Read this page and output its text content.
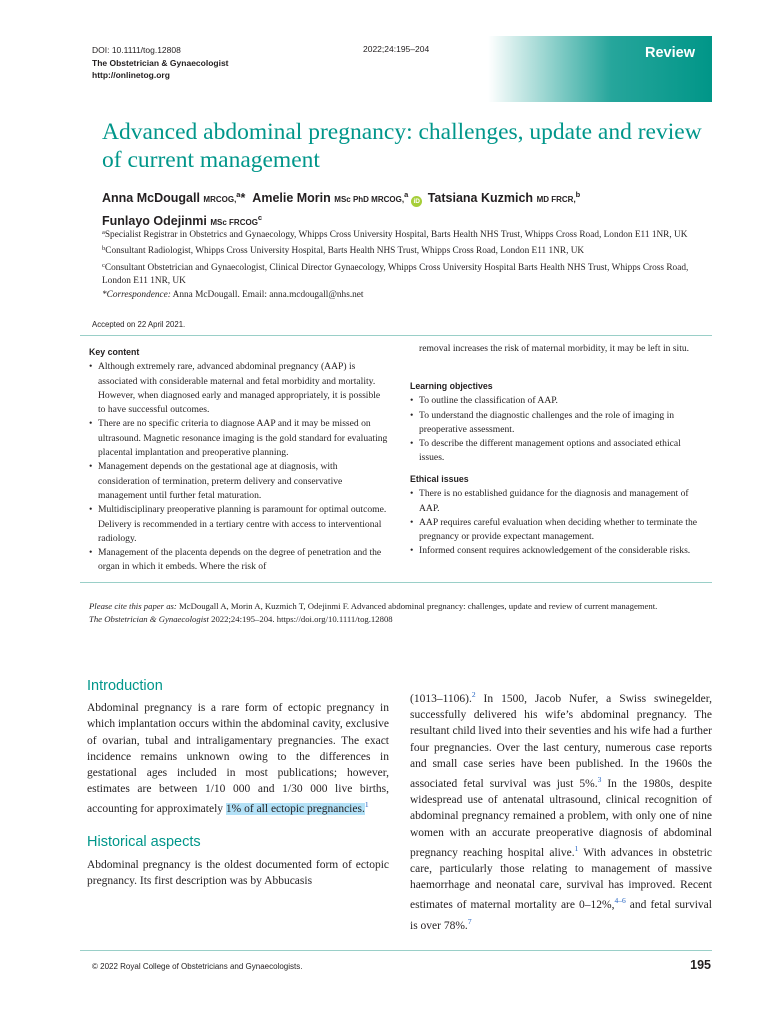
DOI: 10.1111/tog.12808
The Obstetrician & Gynaecologist
http://onlinetog.org
2022;24:195–204	Review
Advanced abdominal pregnancy: challenges, update and review of current management
Anna McDougall MRCOG,$^a$* Amelie Morin MSc PhD MRCOG,$^a$iD Tatsiana Kuzmich MD FRCR,$^b$
Funlayo Odejinmi MSc FRCOG$^c$

$^a$Specialist Registrar in Obstetrics and Gynaecology, Whipps Cross University Hospital, Barts Health NHS Trust, Whipps Cross Road, London E11 1NR, UK

$^b$Consultant Radiologist, Whipps Cross University Hospital, Barts Health NHS Trust, Whipps Cross Road, London E11 1NR, UK

$^c$Consultant Obstetrician and Gynaecologist, Clinical Director Gynaecology, Whipps Cross University Hospital Barts Health NHS Trust, Whipps Cross Road, London E11 1NR, UK

*Correspondence: Anna McDougall. Email: anna.mcdougall@nhs.net

Accepted on 22 April 2021.
Key content
• Although extremely rare, advanced abdominal pregnancy (AAP) is associated with considerable maternal and fetal morbidity and mortality. However, when diagnosed early and managed appropriately, it is possible to have successful outcomes.
• There are no specific criteria to diagnose AAP and it may be missed on ultrasound. Magnetic resonance imaging is the gold standard for evaluating placental implantation and preoperative planning.
• Management depends on the gestational age at diagnosis, with consideration of termination, preterm delivery and conservative management until further fetal maturation.
• Multidisciplinary preoperative planning is paramount for optimal outcome. Delivery is recommended in a tertiary centre with access to interventional radiology.
• Management of the placenta depends on the degree of penetration and the organ in which it embeds. Where the risk of
removal increases the risk of maternal morbidity, it may be left in situ.
Learning objectives
• To outline the classification of AAP.
• To understand the diagnostic challenges and the role of imaging in preoperative assessment.
• To describe the different management options and associated ethical issues.
Ethical issues
• There is no established guidance for the diagnosis and management of AAP.
• AAP requires careful evaluation when deciding whether to terminate the pregnancy or provide expectant management.
• Informed consent requires acknowledgement of the considerable risks.
Please cite this paper as: McDougall A, Morin A, Kuzmich T, Odejinmi F. Advanced abdominal pregnancy: challenges, update and review of current management.
The Obstetrician & Gynaecologist 2022;24:195–204. https://doi.org/10.1111/tog.12808
Introduction

Abdominal pregnancy is a rare form of ectopic pregnancy in which implantation occurs within the abdominal cavity, exclusive of ovarian, tubal and intraligamentary pregnancies. The exact incidence remains unknown owing to the differences in gestational ages included in most publications; however, estimates are between 1/10 000 and 1/30 000 live births, accounting for approximately 1% of all ectopic pregnancies.$^1$

Historical aspects

Abdominal pregnancy is the oldest documented form of ectopic pregnancy. Its first description was by Abbucasis

(1013–1106).$^2$ In 1500, Jacob Nufer, a Swiss swinegelder, successfully delivered his wife’s abdominal pregnancy. The resultant child lived into their seventies and his wife had a further four pregnancies. Over the last century, numerous case reports and small case series have been published. In the 1960s the associated fetal survival was just 5%.$^3$ In the 1980s, despite widespread use of antenatal ultrasound, clinical recognition of abdominal pregnancy remained a problem, with only one of nine women with an accurate preoperative diagnosis of abdominal pregnancy reaching hospital alive.$^1$ With advances in obstetric care, particularly those relating to management of massive haemorrhage and neonatal care, survival has improved. Recent estimates of maternal mortality are 0–12%,$^{4-6}$ and fetal survival is over 78%.$^7$

© 2022 Royal College of Obstetricians and Gynaecologists.	195
